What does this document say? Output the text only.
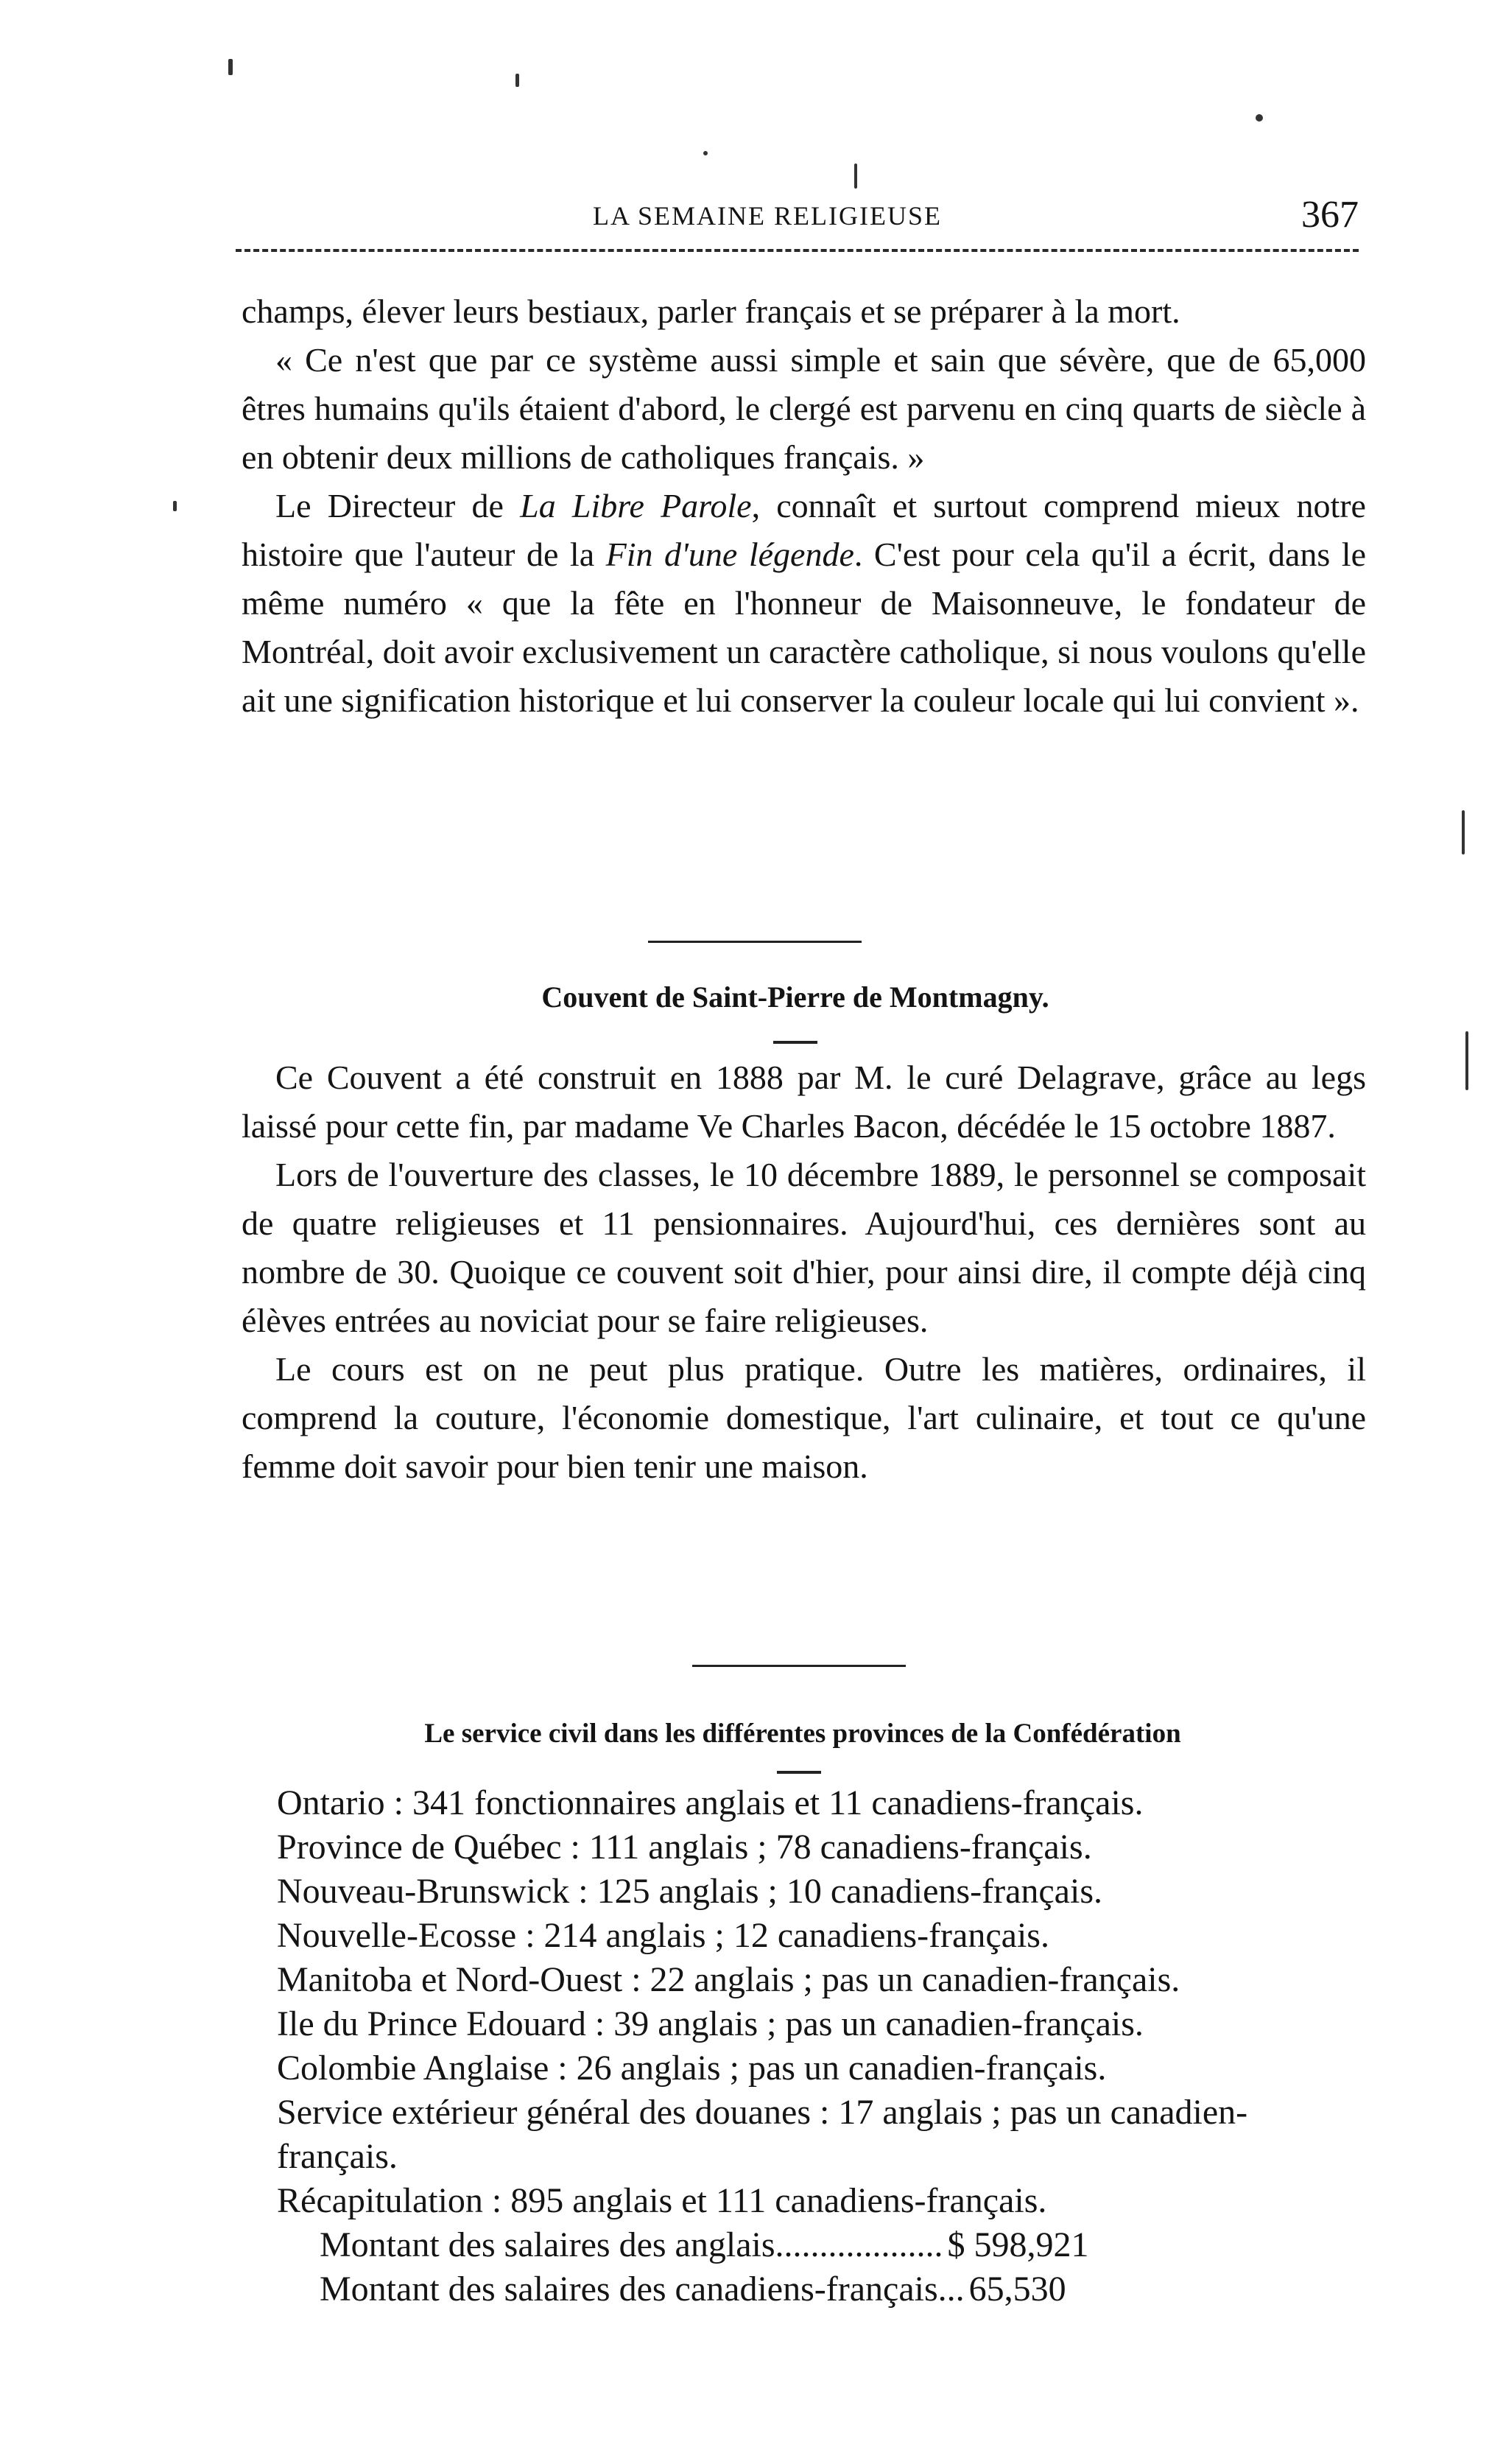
LA SEMAINE RELIGIEUSE	367

champs, élever leurs bestiaux, parler français et se préparer à la mort.

« Ce n'est que par ce système aussi simple et sain que sévère, que de 65,000 êtres humains qu'ils étaient d'abord, le clergé est parvenu en cinq quarts de siècle à en obtenir deux millions de catholiques français. »

Le Directeur de La Libre Parole, connaît et surtout comprend mieux notre histoire que l'auteur de la Fin d'une légende. C'est pour cela qu'il a écrit, dans le même numéro « que la fête en l'honneur de Maisonneuve, le fondateur de Montréal, doit avoir exclusivement un caractère catholique, si nous voulons qu'elle ait une signification historique et lui conserver la couleur locale qui lui convient ».

Couvent de Saint-Pierre de Montmagny.

Ce Couvent a été construit en 1888 par M. le curé Delagrave, grâce au legs laissé pour cette fin, par madame Ve Charles Bacon, décédée le 15 octobre 1887.

Lors de l'ouverture des classes, le 10 décembre 1889, le personnel se composait de quatre religieuses et 11 pensionnaires. Aujourd'hui, ces dernières sont au nombre de 30. Quoique ce couvent soit d'hier, pour ainsi dire, il compte déjà cinq élèves entrées au noviciat pour se faire religieuses.

Le cours est on ne peut plus pratique. Outre les matières, ordinaires, il comprend la couture, l'économie domestique, l'art culinaire, et tout ce qu'une femme doit savoir pour bien tenir une maison.

Le service civil dans les différentes provinces de la Confédération

Ontario : 341 fonctionnaires anglais et 11 canadiens-français.

Province de Québec : 111 anglais ; 78 canadiens-français.

Nouveau-Brunswick : 125 anglais ; 10 canadiens-français.

Nouvelle-Ecosse : 214 anglais ; 12 canadiens-français.

Manitoba et Nord-Ouest : 22 anglais ; pas un canadien-français.

Ile du Prince Edouard : 39 anglais ; pas un canadien-français.

Colombie Anglaise : 26 anglais ; pas un canadien-français.

Service extérieur général des douanes : 17 anglais ; pas un canadien-français.

Récapitulation : 895 anglais et 111 canadiens-français.

Montant des salaires des anglais ................... $ 598,921
Montant des salaires des canadiens-français ... 65,530
